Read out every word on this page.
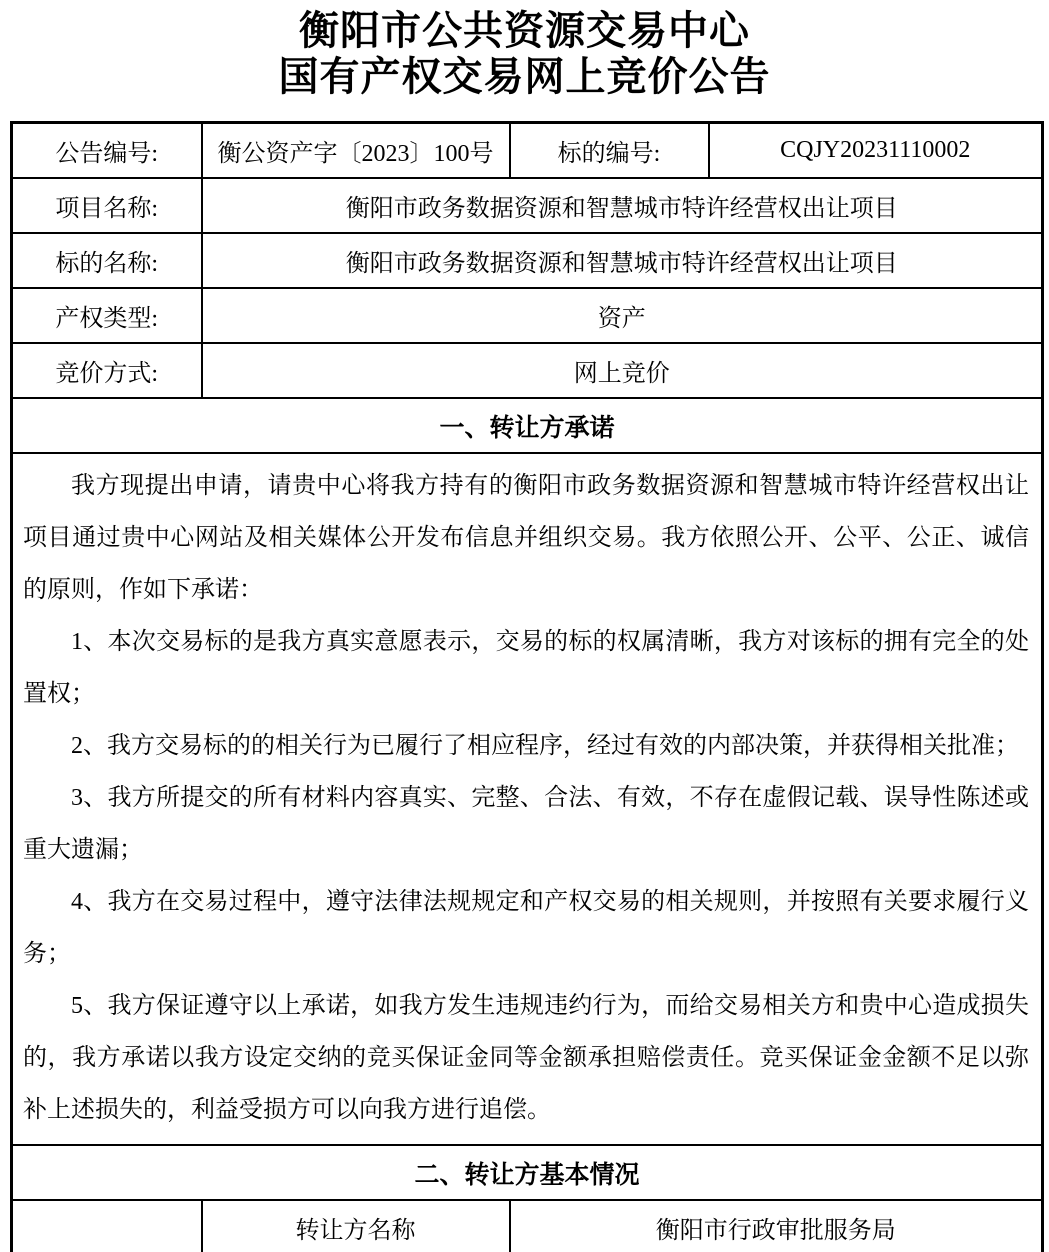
衡阳市公共资源交易中心
国有产权交易网上竞价公告
公告编号:	衡公资产字〔2023〕100号	标的编号:	CQJY20231110002
项目名称:	衡阳市政务数据资源和智慧城市特许经营权出让项目		
标的名称:	衡阳市政务数据资源和智慧城市特许经营权出让项目		
产权类型:	资产		
竞价方式:	网上竞价		
一、转让方承诺			

我方现提出申请，请贵中心将我方持有的衡阳市政务数据资源和智慧城市特许经营权出让项目通过贵中心网站及相关媒体公开发布信息并组织交易。我方依照公开、公平、公正、诚信的原则，作如下承诺：

1、本次交易标的是我方真实意愿表示，交易的标的权属清晰，我方对该标的拥有完全的处置权；

2、我方交易标的的相关行为已履行了相应程序，经过有效的内部决策，并获得相关批准；

3、我方所提交的所有材料内容真实、完整、合法、有效，不存在虚假记载、误导性陈述或重大遗漏；

4、我方在交易过程中，遵守法律法规规定和产权交易的相关规则，并按照有关要求履行义务；

5、我方保证遵守以上承诺，如我方发生违规违约行为，而给交易相关方和贵中心造成损失的，我方承诺以我方设定交纳的竞买保证金同等金额承担赔偿责任。竞买保证金金额不足以弥补上述损失的，利益受损方可以向我方进行追偿。

二、转让方基本情况			
	转让方名称	衡阳市行政审批服务局	
